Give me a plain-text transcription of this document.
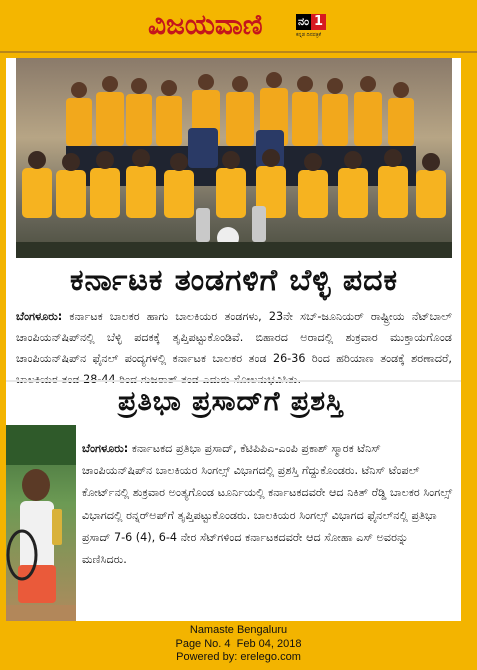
ವಿಜಯವಾಣಿ	ನಂ 1
ಕನ್ನಡ ದಿನಪತ್ರಿಕೆ
ಕರ್ನಾಟಕ ತಂಡಗಳಿಗೆ ಬೆಳ್ಳಿ ಪದಕ
ಬೆಂಗಳೂರು: ಕರ್ನಾಟಕ ಬಾಲಕರ ಹಾಗು ಬಾಲಕಿಯರ ತಂಡಗಳು, 23ನೇ ಸಬ್-ಜೂನಿಯರ್ ರಾಷ್ಟ್ರೀಯ ನೆಟ್‌ಬಾಲ್ ಚಾಂಪಿಯನ್‌ಷಿಪ್‌ನಲ್ಲಿ ಬೆಳ್ಳಿ ಪದಕಕ್ಕೆ ತೃಪ್ತಿಪಟ್ಟುಕೊಂಡಿವೆ. ಬಿಹಾರದ ಅರಾದಲ್ಲಿ ಶುಕ್ರವಾರ ಮುಕ್ತಾಯಗೊಂಡ ಚಾಂಪಿಯನ್‌ಷಿಪ್‌ನ ಫೈನಲ್ ಪಂದ್ಯಗಳಲ್ಲಿ ಕರ್ನಾಟಕ ಬಾಲಕರ ತಂಡ 26-36 ರಿಂದ ಹರಿಯಾಣ ತಂಡಕ್ಕೆ ಶರಣಾದರೆ,
ಪ್ರತಿಭಾ ಪ್ರಸಾದ್‌ಗೆ ಪ್ರಶಸ್ತಿ
ಬೆಂಗಳೂರು: ಕರ್ನಾಟಕದ ಪ್ರತಿಭಾ ಪ್ರಸಾದ್, ಕೆಟಿಪಿಪಿಎ-ಎಂಪಿ ಪ್ರಕಾಶ್ ಸ್ಮಾರಕ ಟೆನಿಸ್ ಚಾಂಪಿಯನ್‌ಷಿಪ್‌ನ ಬಾಲಕಿಯರ ಸಿಂಗಲ್ಸ್ ವಿಭಾಗದಲ್ಲಿ ಪ್ರಶಸ್ತಿ ಗೆದ್ದುಕೊಂಡರು. ಟೆನಿಸ್ ಟೆಂಪಲ್ ಕೋರ್ಟ್‌ನಲ್ಲಿ ಶುಕ್ರವಾರ ಅಂತ್ಯಗೊಂಡ ಟೂರ್ನಿಯಲ್ಲಿ ಕರ್ನಾಟಕದವರೇ ಆದ ನಿಕಿತ್ ರೆಡ್ಡಿ ಬಾಲಕರ ಸಿಂಗಲ್ಸ್ ವಿಭಾಗದಲ್ಲಿ ರನ್ನರ್‌ಅಪ್‌ಗೆ ತೃಪ್ತಿಪಟ್ಟುಕೊಂಡರು. ಬಾಲಕಿಯರ ಸಿಂಗಲ್ಸ್ ವಿಭಾಗದ ಫೈನಲ್‌ನಲ್ಲಿ ಪ್ರತಿಭಾ ಪ್ರಸಾದ್ 7-6 (4), 6-4 ನೇರ ಸೆಟ್‌ಗಳಿಂದ ಕರ್ನಾಟಕದವರೇ ಆದ ಸೋಹಾ ಎಸ್ ಅವರನ್ನು ಮಣಿಸಿದರು.
Namaste Bengaluru
Page No. 4 Feb 04, 2018
Powered by: erelego.com
